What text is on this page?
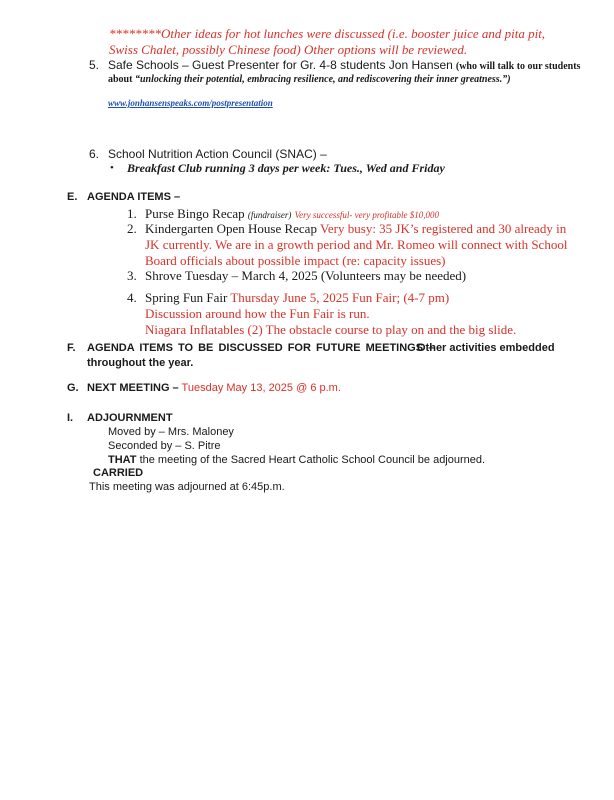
********Other ideas for hot lunches were discussed (i.e. booster juice and pita pit,
Swiss Chalet, possibly Chinese food) Other options will be reviewed.
5. Safe Schools – Guest Presenter for Gr. 4-8 students Jon Hansen (who will talk to our students
about “unlocking their potential, embracing resilience, and rediscovering their inner greatness.”)
www.jonhansenspeaks.com/postpresentation
6. School Nutrition Action Council (SNAC) –
• Breakfast Club running 3 days per week: Tues., Wed and Friday
E. AGENDA ITEMS –
1. Purse Bingo Recap (fundraiser) Very successful- very profitable $10,000
2. Kindergarten Open House Recap Very busy: 35 JK’s registered and 30 already in
JK currently. We are in a growth period and Mr. Romeo will connect with School
Board officials about possible impact (re: capacity issues)
3. Shrove Tuesday – March 4, 2025 (Volunteers may be needed)
4. Spring Fun Fair Thursday June 5, 2025 Fun Fair; (4-7 pm)
Discussion around how the Fun Fair is run.
Niagara Inflatables (2) The obstacle course to play on and the big slide.
F. AGENDA ITEMS TO BE DISCUSSED FOR FUTURE MEETINGS –
Other activities embedded
throughout the year.
G. NEXT MEETING – Tuesday May 13, 2025 @ 6 p.m.
I. ADJOURNMENT
Moved by – Mrs. Maloney
Seconded by – S. Pitre
THAT the meeting of the Sacred Heart Catholic School Council be adjourned.
CARRIED
This meeting was adjourned at 6:45p.m.
